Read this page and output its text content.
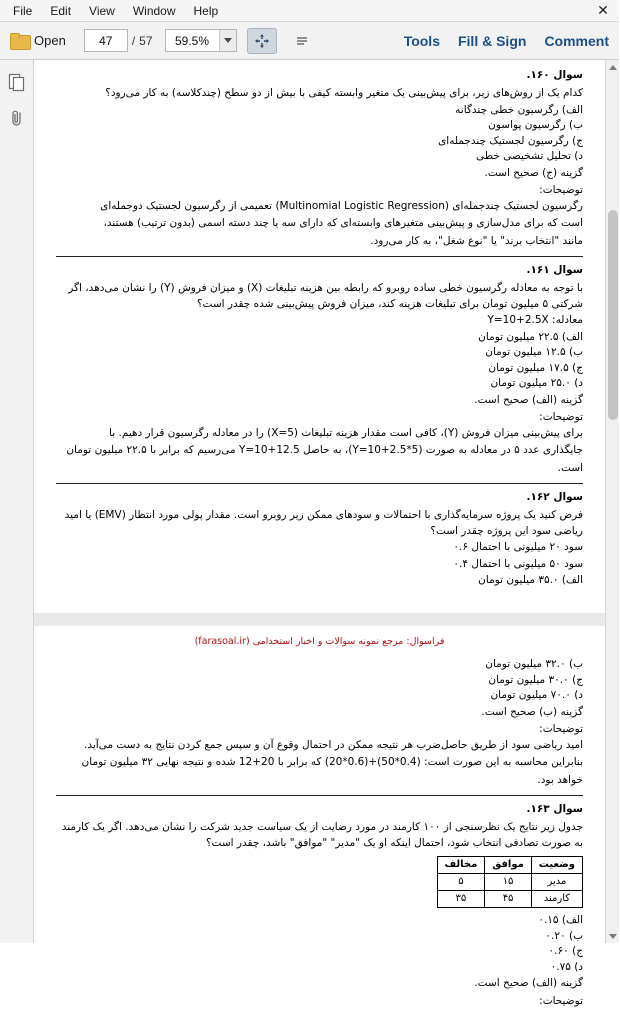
File	Edit	View	Window	Help	✕
Open
47	/ 57	59.5%	Tools Fill & Sign Comment

سوال ۱۶۰.

کدام یک از روش‌های زیر، برای پیش‌بینی یک متغیر وابسته کیفی با بیش از دو سطح (چندکلاسه) به کار می‌رود؟

الف) رگرسیون خطی چندگانه

ب) رگرسیون پواسون

ج) رگرسیون لجستیک چندجمله‌ای

د) تحلیل تشخیصی خطی

گزینه (ج) صحیح است.

توضیحات:

رگرسیون لجستیک چندجمله‌ای (Multinomial Logistic Regression) تعمیمی از رگرسیون لجستیک دوجمله‌ای

است که برای مدل‌سازی و پیش‌بینی متغیرهای وابسته‌ای که دارای سه یا چند دسته اسمی (بدون ترتیب) هستند،

مانند "انتخاب برند" یا "نوع شغل"، به کار می‌رود.

سوال ۱۶۱.

با توجه به معادله رگرسیون خطی ساده روبرو که رابطه بین هزینه تبلیغات (X) و میزان فروش (Y) را نشان می‌دهد، اگر شرکتی ۵ میلیون تومان برای تبلیغات هزینه کند، میزان فروش پیش‌بینی شده چقدر است؟

معادله: Y=10+2.5X

الف) ۲۲.۵ میلیون تومان

ب) ۱۲.۵ میلیون تومان

ج) ۱۷.۵ میلیون تومان

د) ۲۵.۰ میلیون تومان

گزینه (الف) صحیح است.

توضیحات:

برای پیش‌بینی میزان فروش (Y)، کافی است مقدار هزینه تبلیغات (X=5) را در معادله رگرسیون قرار دهیم. با

جایگذاری عدد ۵ در معادله به صورت (Y=10+2.5*5)، به حاصل Y=10+12.5 می‌رسیم که برابر با ۲۲.۵ میلیون تومان

است.

سوال ۱۶۲.

فرض کنید یک پروژه سرمایه‌گذاری با احتمالات و سودهای ممکن زیر روبرو است. مقدار پولی مورد انتظار (EMV) یا امید ریاضی سود این پروژه چقدر است؟

سود ۲۰ میلیونی با احتمال ۰.۶

سود ۵۰ میلیونی با احتمال ۰.۴

الف) ۳۵.۰ میلیون تومان

فراسوال: مرجع نمونه سوالات و اخبار استخدامی (farasoal.ir)

ب) ۳۲.۰ میلیون تومان

ج) ۳۰.۰ میلیون تومان

د) ۷۰.۰ میلیون تومان

گزینه (ب) صحیح است.

توضیحات:

امید ریاضی سود از طریق حاصل‌ضرب هر نتیجه ممکن در احتمال وقوع آن و سپس جمع کردن نتایج به دست می‌آید.

بنابراین محاسبه به این صورت است: (0.4*50)+(0.6*20) که برابر با 20+12 شده و نتیجه نهایی ۳۲ میلیون تومان

خواهد بود.

سوال ۱۶۳.

جدول زیر نتایج یک نظرسنجی از ۱۰۰ کارمند در مورد رضایت از یک سیاست جدید شرکت را نشان می‌دهد. اگر یک کارمند به صورت تصادفی انتخاب شود، احتمال اینکه او یک "مدیر" "موافق" باشد، چقدر است؟

وضعیت	موافق	مخالف
مدیر	۱۵	۵
کارمند	۴۵	۳۵

الف) ۰.۱۵

ب) ۰.۲۰

ج) ۰.۶۰

د) ۰.۷۵

گزینه (الف) صحیح است.

توضیحات:
